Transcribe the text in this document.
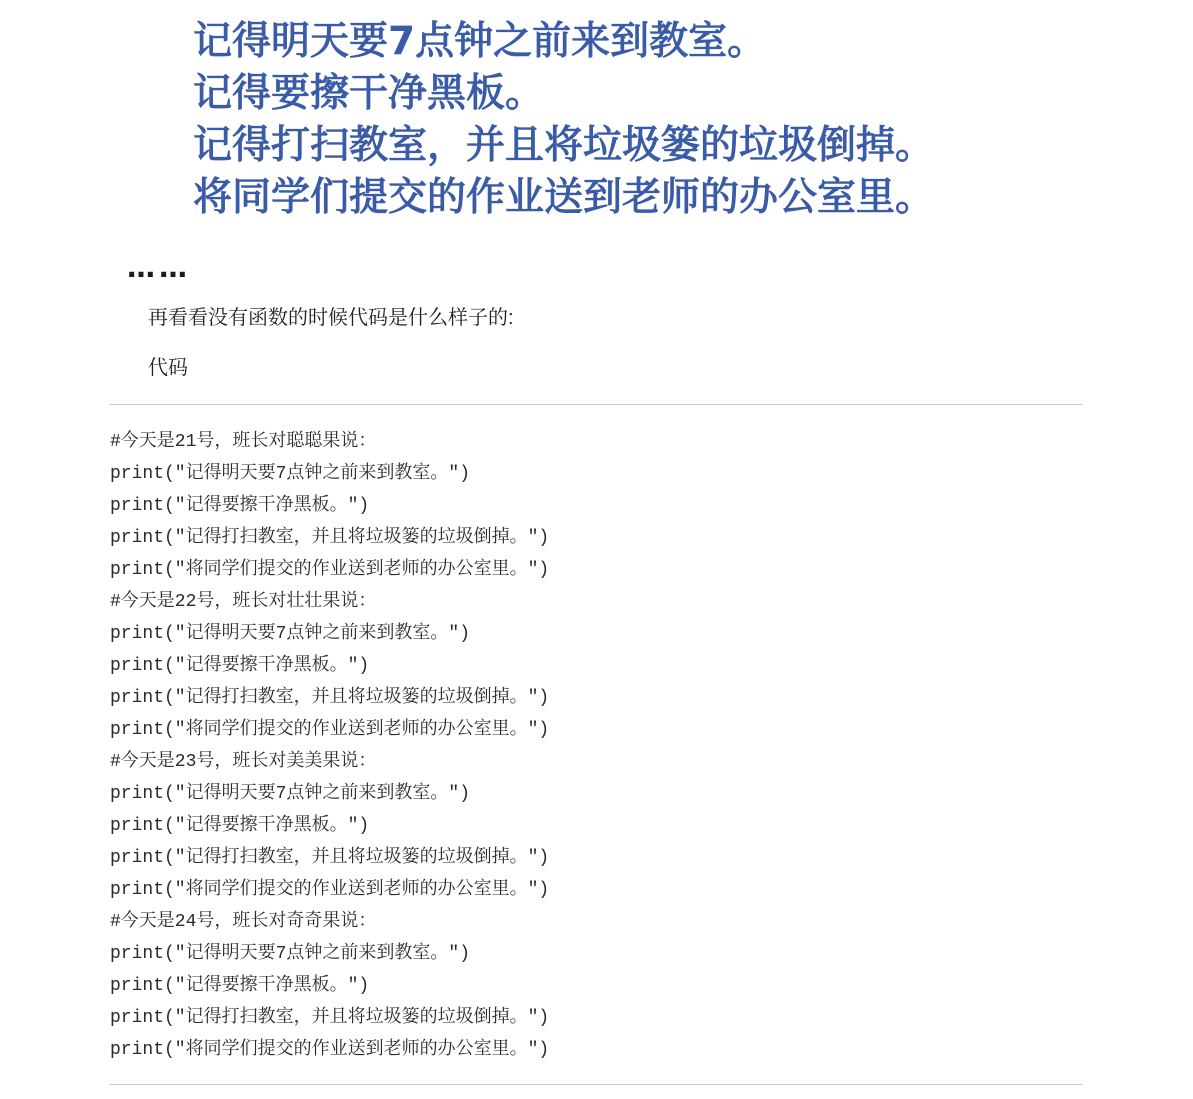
记得明天要7点钟之前来到教室。
记得要擦干净黑板。
记得打扫教室，并且将垃圾篓的垃圾倒掉。
将同学们提交的作业送到老师的办公室里。
……
再看看没有函数的时候代码是什么样子的:
代码
#今天是21号，班长对聪聪果说：
print("记得明天要7点钟之前来到教室。")
print("记得要擦干净黑板。")
print("记得打扫教室，并且将垃圾篓的垃圾倒掉。")
print("将同学们提交的作业送到老师的办公室里。")
#今天是22号，班长对壮壮果说：
print("记得明天要7点钟之前来到教室。")
print("记得要擦干净黑板。")
print("记得打扫教室，并且将垃圾篓的垃圾倒掉。")
print("将同学们提交的作业送到老师的办公室里。")
#今天是23号，班长对美美果说：
print("记得明天要7点钟之前来到教室。")
print("记得要擦干净黑板。")
print("记得打扫教室，并且将垃圾篓的垃圾倒掉。")
print("将同学们提交的作业送到老师的办公室里。")
#今天是24号，班长对奇奇果说：
print("记得明天要7点钟之前来到教室。")
print("记得要擦干净黑板。")
print("记得打扫教室，并且将垃圾篓的垃圾倒掉。")
print("将同学们提交的作业送到老师的办公室里。")
